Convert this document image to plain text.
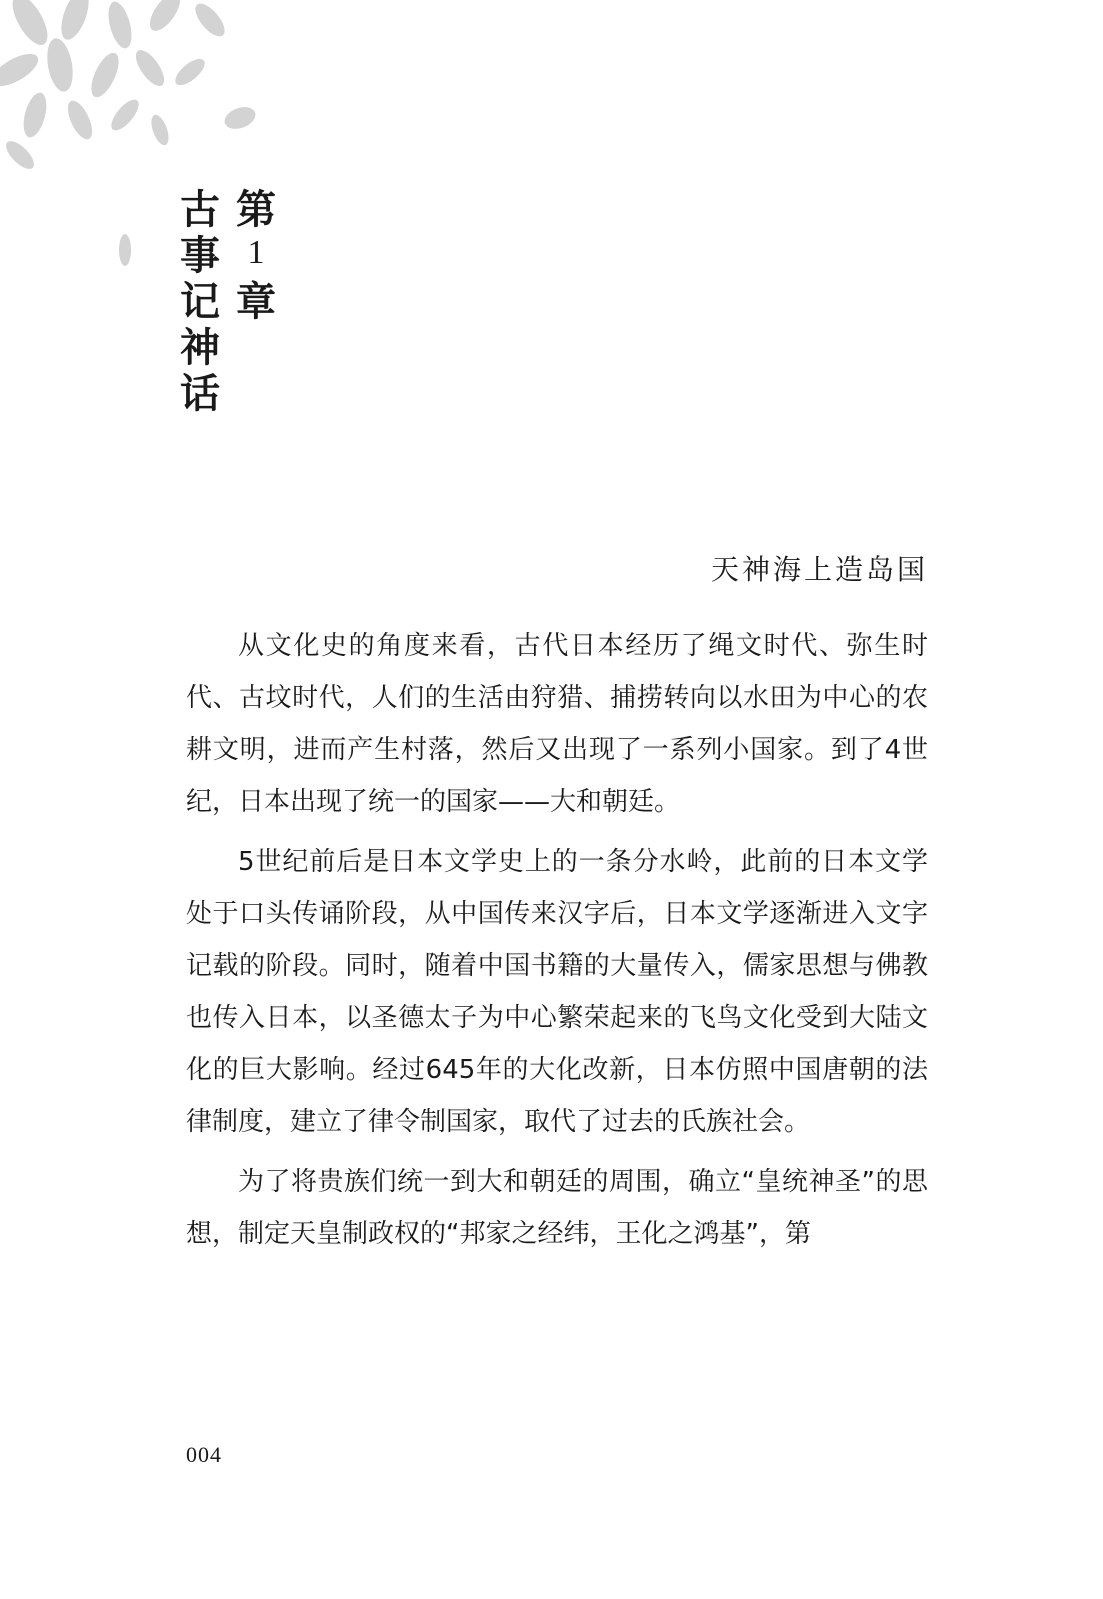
第
1
章
古
事
记
神
话
天神海上造岛国

从文化史的角度来看，古代日本经历了绳文时代、弥生时代、古坟时代，人们的生活由狩猎、捕捞转向以水田为中心的农耕文明，进而产生村落，然后又出现了一系列小国家。到了4世纪，日本出现了统一的国家——大和朝廷。

5世纪前后是日本文学史上的一条分水岭，此前的日本文学处于口头传诵阶段，从中国传来汉字后，日本文学逐渐进入文字记载的阶段。同时，随着中国书籍的大量传入，儒家思想与佛教也传入日本，以圣德太子为中心繁荣起来的飞鸟文化受到大陆文化的巨大影响。经过645年的大化改新，日本仿照中国唐朝的法律制度，建立了律令制国家，取代了过去的氏族社会。

为了将贵族们统一到大和朝廷的周围，确立“皇统神圣”的思想，制定天皇制政权的“邦家之经纬，王化之鸿基”，第

004
